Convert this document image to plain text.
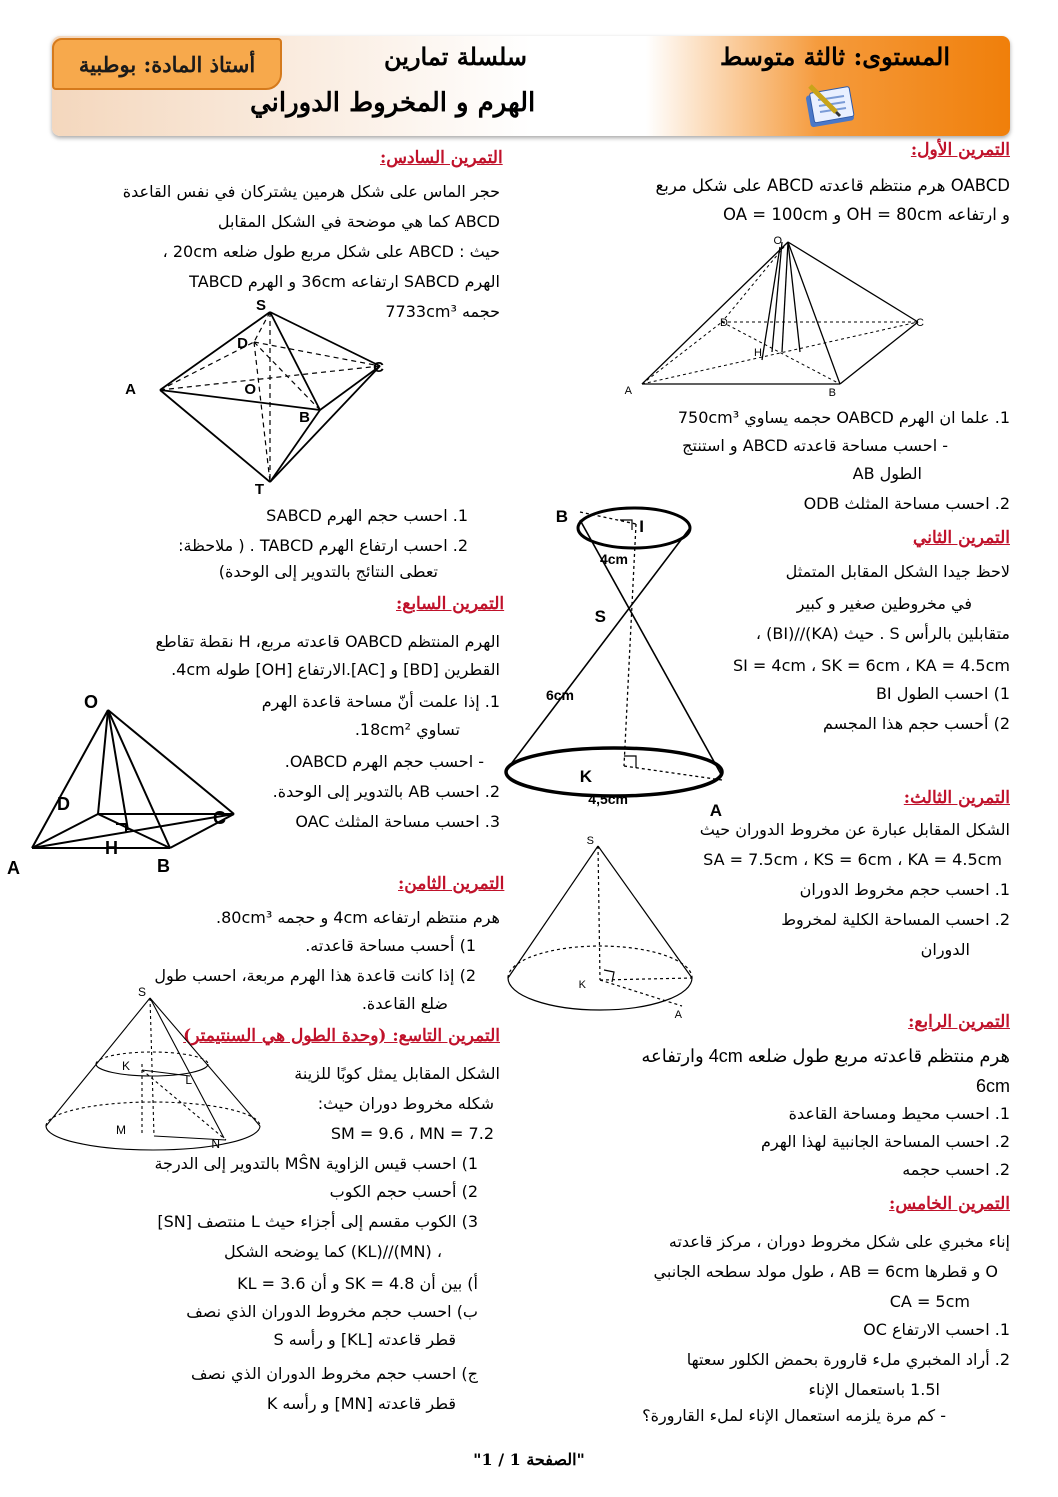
أستاذ المادة: بوطبية	سلسلة تمارين
الهرم و المخروط الدوراني
المستوى: ثالثة متوسط
التمرين الأول:
OABCD هرم منتظم قاعدته ABCD على شكل مربع
و ارتفاعه OH = 80cm و OA = 100cm
O
D	C
H
A	B
1. علما ان الهرم OABCD حجمه يساوي 750cm³
- احسب مساحة قاعدته ABCD و استنتج
الطول AB
2. احسب مساحة المثلث ODB
التمرين الثاني
لاحظ جيدا الشكل المقابل المتمثل
في مخروطين صغير و كبير
متقابلين بالرأس S . حيث (KA)//(BI) ،
SI = 4cm ، SK = 6cm ، KA = 4.5cm
1) احسب الطول BI
2) أحسب حجم هذا المجسم
B
I
4cm
S
6cm
K
4,5cm
A
التمرين الثالث:
الشكل المقابل عبارة عن مخروط الدوران حيث
SA = 7.5cm ، KS = 6cm ، KA = 4.5cm
1. احسب حجم مخروط الدوران
2. احسب المساحة الكلية لمخروط
الدوران
S
K
A	التمرين الرابع:
هرم منتظم قاعدته مربع طول ضلعه 4cm وارتفاعه
6cm
1. احسب محيط ومساحة القاعدة
2. احسب المساحة الجانبية لهذا الهرم
2. احسب حجمه
التمرين الخامس:
إناء مخبري على شكل مخروط دوران ، مركز قاعدته
O و قطرها AB = 6cm ، طول مولد سطحه الجانبي
CA = 5cm
1. احسب الارتفاع OC
2. أراد المخبري ملء قارورة بحمض الكلور سعتها
1.5l باستعمال الإناء
- كم مرة يلزمه استعمال الإناء لملء القارورة؟
التمرين السادس:
حجر الماس على شكل هرمين يشتركان في نفس القاعدة
ABCD كما هي موضحة في الشكل المقابل
حيث : ABCD على شكل مربع طول ضلعه 20cm ،
الهرم SABCD ارتفاعه 36cm و الهرم TABCD
حجمه 7733cm³
S
D
C
A	O
B
T
1. احسب حجم الهرم SABCD
2. احسب ارتفاع الهرم TABCD . ( ملاحظة:
تعطى النتائج بالتدوير إلى الوحدة)
التمرين السابع:
الهرم المنتظم OABCD قاعدته مربع، H نقطة تقاطع
القطرين [BD] و [AC].الارتفاع [OH] طوله 4cm.
1. إذا علمت أنّ مساحة قاعدة الهرم
تساوي 18cm².
- احسب حجم الهرم OABCD.
2. احسب AB بالتدوير إلى الوحدة.
3. احسب مساحة المثلث OAC
O
D
C
H
A	B
التمرين الثامن:
هرم منتظم ارتفاعه 4cm و حجمه 80cm³.
1) أحسب مساحة قاعدته.
2) إذا كانت قاعدة هذا الهرم مربعة، احسب طول
ضلع القاعدة.
التمرين التاسع: (وحدة الطول هي السنتيمتر)
الشكل المقابل يمثل كوبًا للزينة
شكله مخروط دوران حيث:
SM = 9.6 ، MN = 7.2
S
K
L
M
N
1) احسب قيس الزاوية MŜN بالتدوير إلى الدرجة
2) أحسب حجم الكوب
3) الكوب مقسم إلى أجزاء حيث L منتصف [SN]
، (MN)//(KL) كما يوضحه الشكل
أ) بين أن SK = 4.8 و أن KL = 3.6
ب) احسب حجم مخروط الدوران الذي نصف
قطر قاعدته [KL] و رأسه S
ج) احسب حجم مخروط الدوران الذي نصف
قطر قاعدته [MN] و رأسه K
"الصفحة 1 / 1"
